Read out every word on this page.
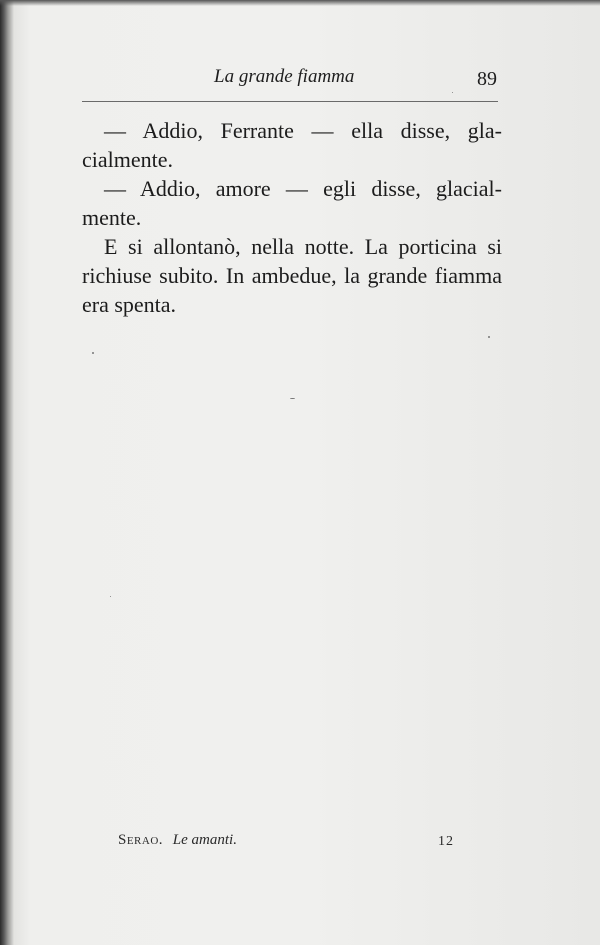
La grande fiamma	89

— Addio, Ferrante — ella disse, gla-cialmente.

— Addio, amore — egli disse, glacial-mente.

E si allontanò, nella notte. La porticina si richiuse subito. In ambedue, la grande fiamma era spenta.

Serao. Le amanti.	12
